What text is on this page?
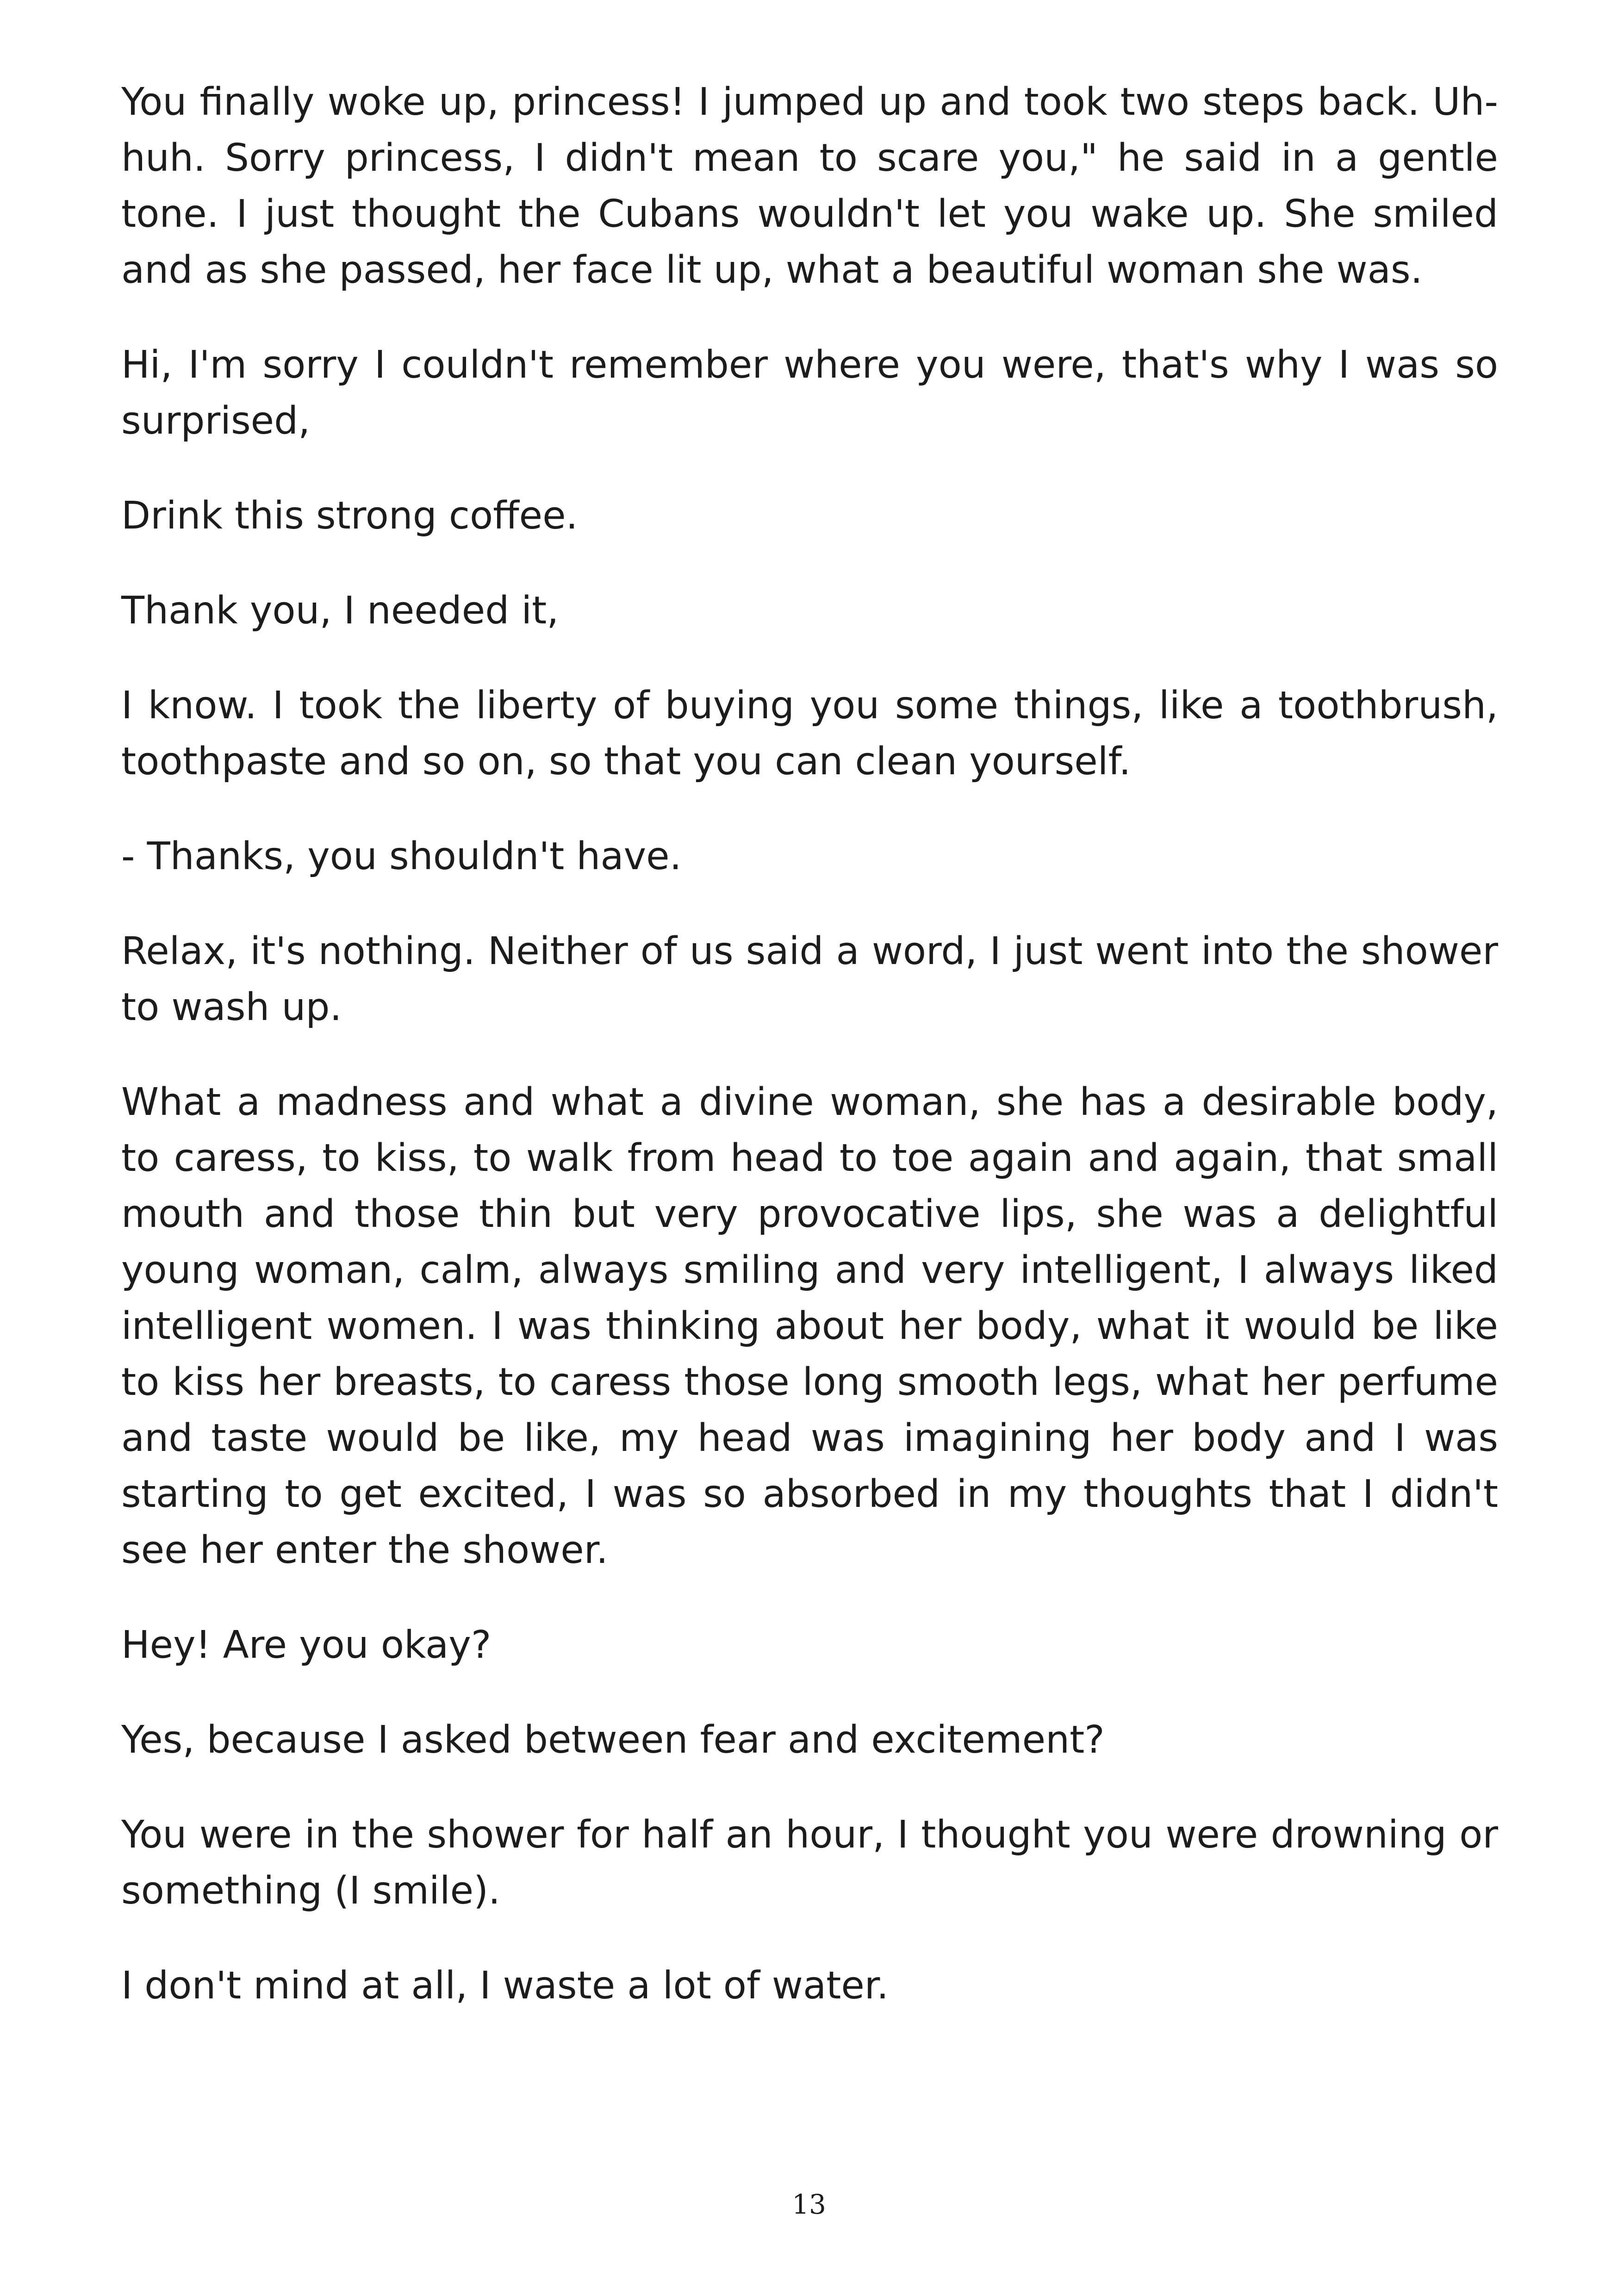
You finally woke up, princess! I jumped up and took two steps back. Uh-huh. Sorry princess, I didn't mean to scare you," he said in a gentle tone. I just thought the Cubans wouldn't let you wake up. She smiled and as she passed, her face lit up, what a beautiful woman she was.

Hi, I'm sorry I couldn't remember where you were, that's why I was so surprised,

Drink this strong coffee.

Thank you, I needed it,

I know. I took the liberty of buying you some things, like a toothbrush, toothpaste and so on, so that you can clean yourself.

- Thanks, you shouldn't have.

Relax, it's nothing. Neither of us said a word, I just went into the shower to wash up.

What a madness and what a divine woman, she has a desirable body, to caress, to kiss, to walk from head to toe again and again, that small mouth and those thin but very provocative lips, she was a delightful young woman, calm, always smiling and very intelligent, I always liked intelligent women. I was thinking about her body, what it would be like to kiss her breasts, to caress those long smooth legs, what her perfume and taste would be like, my head was imagining her body and I was starting to get excited, I was so absorbed in my thoughts that I didn't see her enter the shower.

Hey! Are you okay?

Yes, because I asked between fear and excitement?

You were in the shower for half an hour, I thought you were drowning or something (I smile).

I don't mind at all, I waste a lot of water.

13
